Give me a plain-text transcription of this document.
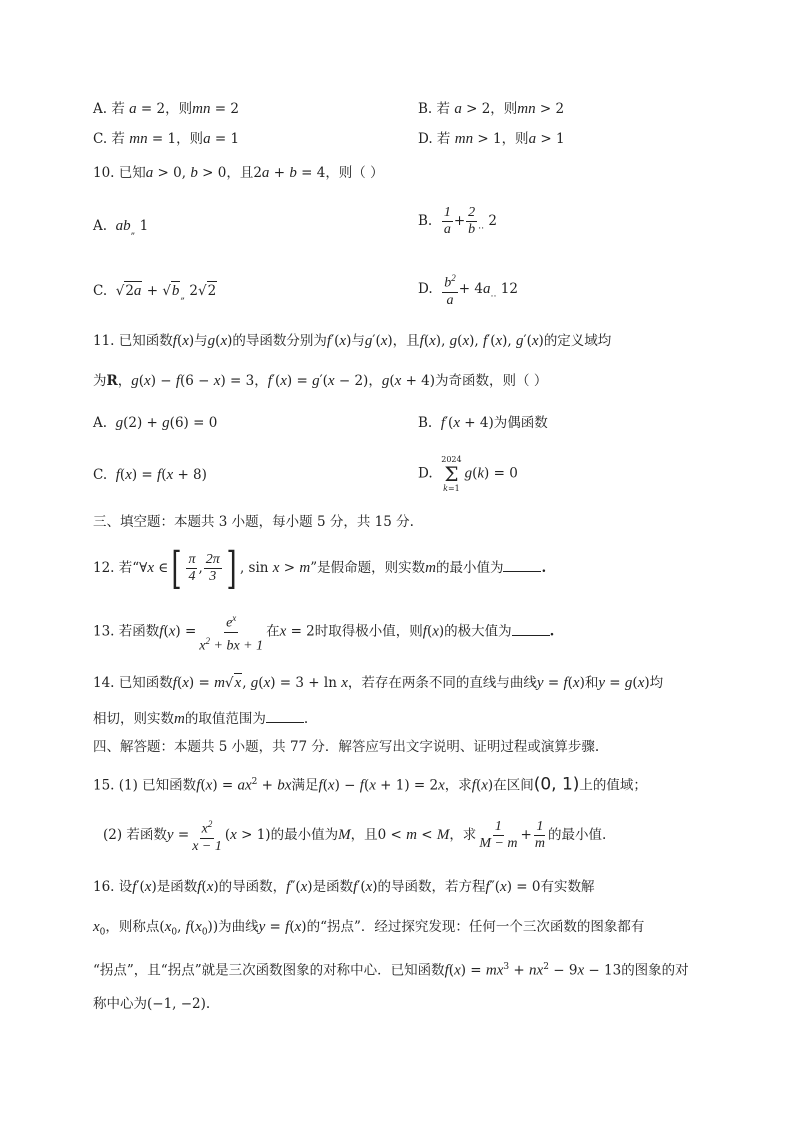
A. 若 a = 2，则mn = 2	B. 若 a > 2，则mn > 2
C. 若 mn = 1，则a = 1	D. 若 mn > 1，则a > 1
10. 已知a > 0, b > 0，且2a + b = 4，则（ ）
A. $ab_„$ 1	B. $\frac{1}{a} + \frac{2}{b} _‥$ 2
C.  $√2a + √b_„$ 2√2	D. $\frac{b^2}{a} + 4a_‥$ 12
11. 已知函数f(x)与g(x)的导函数分别为f′(x)与g′(x)，且f(x), g(x), f′(x), g′(x)的定义域均
为R，g(x) − f(6 − x) = 3，f′(x) = g′(x − 2)，g(x + 4)为奇函数，则（ ）
A. g(2) + g(6) = 0	B. f′(x + 4)为偶函数
C. f(x) = f(x + 8)	D.
2024
Σ
k=1
g(k) = 0
三、填空题：本题共 3 小题，每小题 5 分，共 15 分.
12. 若“∀x ∈[ $\frac{\pi}{4}$ , $\frac{2\pi}{3}$ ] , sin x > m”是假命题，则实数m的最小值为	.
13. 若函数$f(x) = \frac{e^x}{x^2 + bx + 1}$ 在x = 2时取得极小值，则f(x)的极大值为	.
14. 已知函数f(x) = m√x, g(x) = 3 + ln x，若存在两条不同的直线与曲线y = f(x)和y = g(x)均
相切，则实数m的取值范围为	.
四、解答题：本题共 5 小题，共 77 分．解答应写出文字说明、证明过程或演算步骤.
15. (1) 已知函数$f(x) = ax^2$ + bx满足f(x) − f(x + 1) = 2x，求f(x)在区间(0, 1)上的值域；
(2) 若函数$y = \frac{x^2}{x - 1} (x > 1)$的最小值为M，且0 < m < M，求 $\frac{1}{M - m} + \frac{1}{m}$ 的最小值.
16. 设f′(x)是函数f(x)的导函数，f″(x)是函数f′(x)的导函数，若方程f″(x) = 0有实数解
$x_0$，则称点($x_0$, $f(x_0)$)为曲线y = f(x)的“拐点”．经过探究发现：任何一个三次函数的图象都有
“拐点”，且“拐点”就是三次函数图象的对称中心．已知函数$f(x) = mx^3 + nx^2 - 9x - 13$的图象的对
称中心为(−1, −2).
